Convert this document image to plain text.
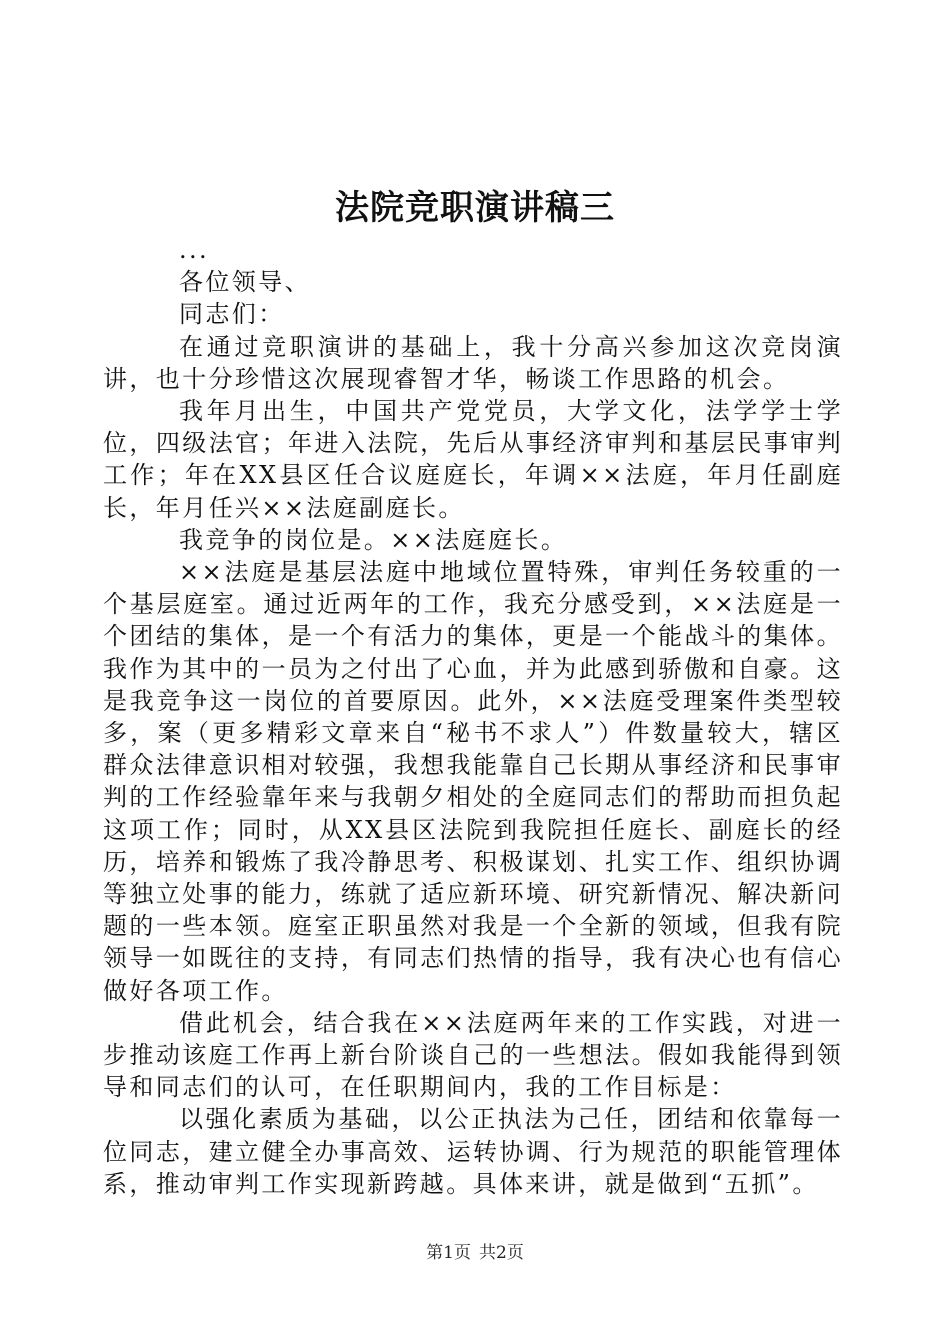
法院竞职演讲稿三

...

各位领导、

同志们：

在通过竞职演讲的基础上，我十分高兴参加这次竞岗演讲，也十分珍惜这次展现睿智才华，畅谈工作思路的机会。

我年月出生，中国共产党党员，大学文化，法学学士学位，四级法官；年进入法院，先后从事经济审判和基层民事审判工作；年在XX县区任合议庭庭长，年调××法庭，年月任副庭长，年月任兴××法庭副庭长。

我竞争的岗位是。××法庭庭长。

××法庭是基层法庭中地域位置特殊，审判任务较重的一个基层庭室。通过近两年的工作，我充分感受到，××法庭是一个团结的集体，是一个有活力的集体，更是一个能战斗的集体。我作为其中的一员为之付出了心血，并为此感到骄傲和自豪。这是我竞争这一岗位的首要原因。此外，××法庭受理案件类型较多，案（更多精彩文章来自“秘书不求人”）件数量较大，辖区群众法律意识相对较强，我想我能靠自己长期从事经济和民事审判的工作经验靠年来与我朝夕相处的全庭同志们的帮助而担负起这项工作；同时，从XX县区法院到我院担任庭长、副庭长的经历，培养和锻炼了我冷静思考、积极谋划、扎实工作、组织协调等独立处事的能力，练就了适应新环境、研究新情况、解决新问题的一些本领。庭室正职虽然对我是一个全新的领域，但我有院领导一如既往的支持，有同志们热情的指导，我有决心也有信心做好各项工作。

借此机会，结合我在××法庭两年来的工作实践，对进一步推动该庭工作再上新台阶谈自己的一些想法。假如我能得到领导和同志们的认可，在任职期间内，我的工作目标是：

以强化素质为基础，以公正执法为己任，团结和依靠每一位同志，建立健全办事高效、运转协调、行为规范的职能管理体系，推动审判工作实现新跨越。具体来讲，就是做到“五抓”。

第1页 共2页
